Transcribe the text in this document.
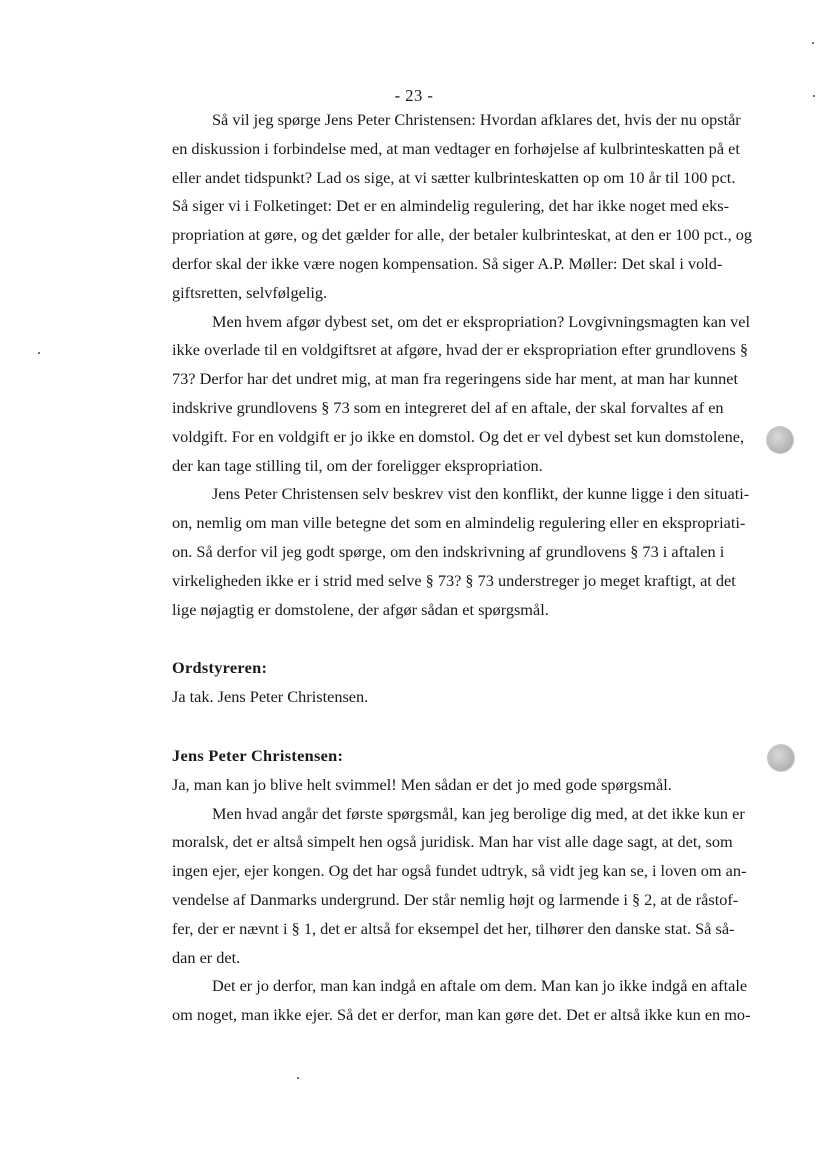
- 23 -

Så vil jeg spørge Jens Peter Christensen: Hvordan afklares det, hvis der nu opstår
en diskussion i forbindelse med, at man vedtager en forhøjelse af kulbrinteskatten på et
eller andet tidspunkt? Lad os sige, at vi sætter kulbrinteskatten op om 10 år til 100 pct.
Så siger vi i Folketinget: Det er en almindelig regulering, det har ikke noget med eks-
propriation at gøre, og det gælder for alle, der betaler kulbrinteskat, at den er 100 pct., og
derfor skal der ikke være nogen kompensation. Så siger A.P. Møller: Det skal i vold-
giftsretten, selvfølgelig.

Men hvem afgør dybest set, om det er ekspropriation? Lovgivningsmagten kan vel
ikke overlade til en voldgiftsret at afgøre, hvad der er ekspropriation efter grundlovens §
73? Derfor har det undret mig, at man fra regeringens side har ment, at man har kunnet
indskrive grundlovens § 73 som en integreret del af en aftale, der skal forvaltes af en
voldgift. For en voldgift er jo ikke en domstol. Og det er vel dybest set kun domstolene,
der kan tage stilling til, om der foreligger ekspropriation.

Jens Peter Christensen selv beskrev vist den konflikt, der kunne ligge i den situati-
on, nemlig om man ville betegne det som en almindelig regulering eller en ekspropriati-
on. Så derfor vil jeg godt spørge, om den indskrivning af grundlovens § 73 i aftalen i
virkeligheden ikke er i strid med selve § 73? § 73 understreger jo meget kraftigt, at det
lige nøjagtig er domstolene, der afgør sådan et spørgsmål.

Ordstyreren:

Ja tak. Jens Peter Christensen.

Jens Peter Christensen:

Ja, man kan jo blive helt svimmel! Men sådan er det jo med gode spørgsmål.

Men hvad angår det første spørgsmål, kan jeg berolige dig med, at det ikke kun er
moralsk, det er altså simpelt hen også juridisk. Man har vist alle dage sagt, at det, som
ingen ejer, ejer kongen. Og det har også fundet udtryk, så vidt jeg kan se, i loven om an-
vendelse af Danmarks undergrund. Der står nemlig højt og larmende i § 2, at de råstof-
fer, der er nævnt i § 1, det er altså for eksempel det her, tilhører den danske stat. Så så-
dan er det.

Det er jo derfor, man kan indgå en aftale om dem. Man kan jo ikke indgå en aftale
om noget, man ikke ejer. Så det er derfor, man kan gøre det. Det er altså ikke kun en mo-
